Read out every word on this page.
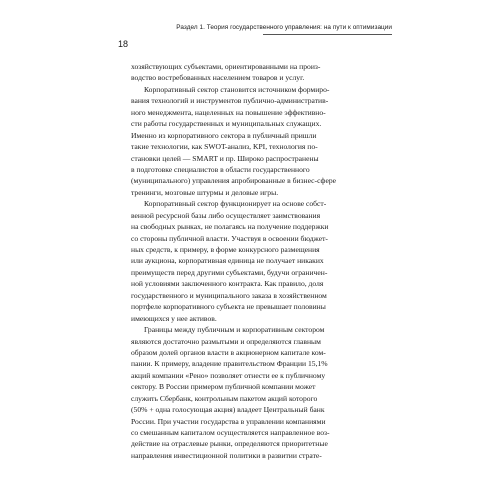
18
Раздел 1. Теория государственного управления: на пути к оптимизации
хозяйствующих субъектами, ориентированными на произ-
водство востребованных населением товаров и услуг.
Корпоративный сектор становится источником формиро-
вания технологий и инструментов публично-административ-
ного менеджмента, нацеленных на повышение эффективно-
сти работы государственных и муниципальных служащих.
Именно из корпоративного сектора в публичный пришли
такие технологии, как SWOT-анализ, KPI, технология по-
становки целей — SMART и пр. Широко распространены
в подготовке специалистов в области государственного
(муниципального) управления апробированные в бизнес-сфере
тренинги, мозговые штурмы и деловые игры.
Корпоративный сектор функционирует на основе собст-
венной ресурсной базы либо осуществляет заимствования
на свободных рынках, не полагаясь на получение поддержки
со стороны публичной власти. Участвуя в освоении бюджет-
ных средств, к примеру, в форме конкурсного размещения
или аукциона, корпоративная единица не получает никаких
преимуществ перед другими субъектами, будучи ограничен-
ной условиями заключенного контракта. Как правило, доля
государственного и муниципального заказа в хозяйственном
портфеле корпоративного субъекта не превышает половины
имеющихся у нее активов.
Границы между публичным и корпоративным сектором
являются достаточно размытыми и определяются главным
образом долей органов власти в акционерном капитале ком-
пании. К примеру, владение правительством Франции 15,1%
акций компании «Рено» позволяет отнести ее к публичному
сектору. В России примером публичной компании может
служить Сбербанк, контрольным пакетом акций которого
(50% + одна голосующая акция) владеет Центральный банк
России. При участии государства в управлении компаниями
со смешанным капиталом осуществляется направленное воз-
действие на отраслевые рынки, определяются приоритетные
направления инвестиционной политики в развитии страте-
